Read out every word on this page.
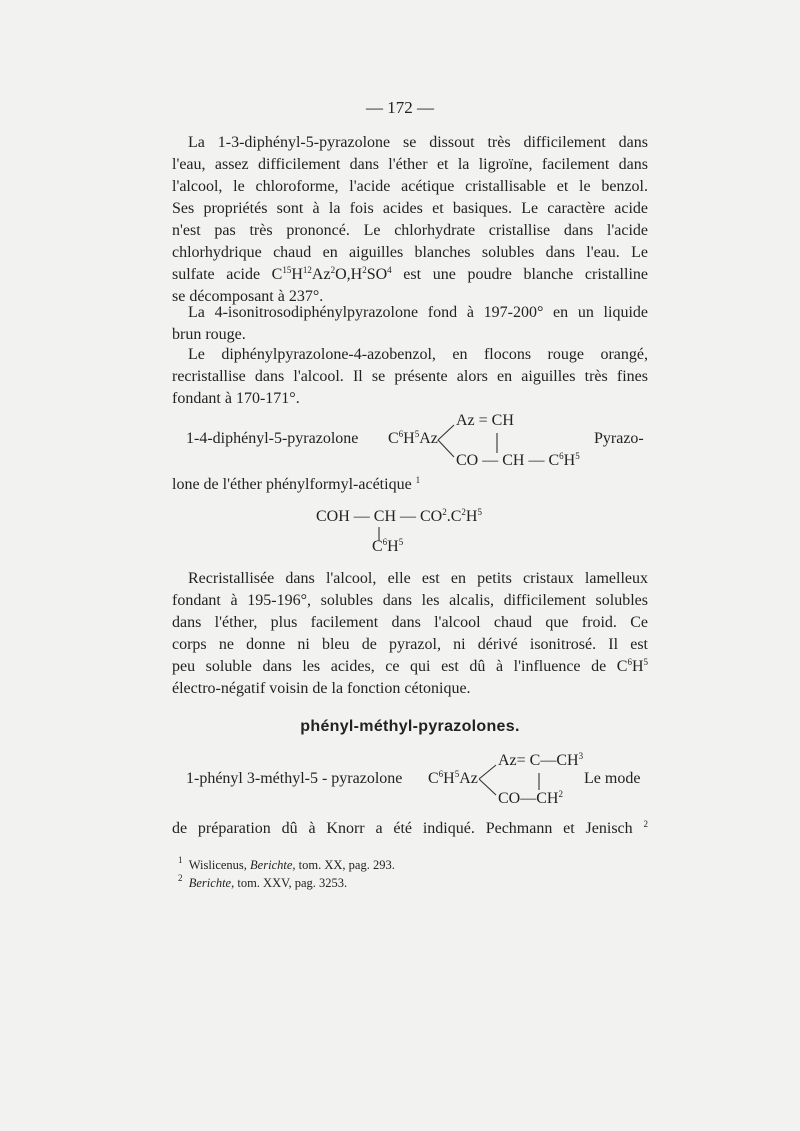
— 172 —
La 1-3-diphényl-5-pyrazolone se dissout très difficilement dans
l'eau, assez difficilement dans l'éther et la ligroïne, facilement dans
l'alcool, le chloroforme, l'acide acétique cristallisable et le benzol.
Ses propriétés sont à la fois acides et basiques. Le caractère acide
n'est pas très prononcé. Le chlorhydrate cristallise dans l'acide
chlorhydrique chaud en aiguilles blanches solubles dans l'eau. Le
sulfate acide $C^{15}H^{12}Az^2O,H^2SO^4$ est une poudre blanche cristalline
se décomposant à 237°.
La 4-isonitrosodiphénylpyrazolone fond à 197-200° en un liquide
brun rouge.
Le diphénylpyrazolone-4-azobenzol, en flocons rouge orangé,
recristallise dans l'alcool. Il se présente alors en aiguilles très fines
fondant à 170-171°.
1-4-diphényl-5-pyrazolone $C^6H^5Az$
Az = CH
CO — CH — $C^6H^5$
Pyrazo-
lone de l'éther phénylformyl-acétique $^1$
COH — CH — $CO^2.C^2H^5$
$C^6H^5$
Recristallisée dans l'alcool, elle est en petits cristaux lamelleux
fondant à 195-196°, solubles dans les alcalis, difficilement solubles
dans l'éther, plus facilement dans l'alcool chaud que froid. Ce
corps ne donne ni bleu de pyrazol, ni dérivé isonitrosé. Il est
peu soluble dans les acides, ce qui est dû à l'influence de $C^6H^5$
électro-négatif voisin de la fonction cétonique.
phényl-méthyl-pyrazolones.
1-phényl 3-méthyl-5 - pyrazolone $C^6H^5Az$
$Az= C—CH^3$
$CO—CH^2$
Le mode
de préparation dû à Knorr a été indiqué. Pechmann et Jenisch $^2$
$^1$ Wislicenus, Berichte, tom. XX, pag. 293.
$^2$ Berichte, tom. XXV, pag. 3253.
